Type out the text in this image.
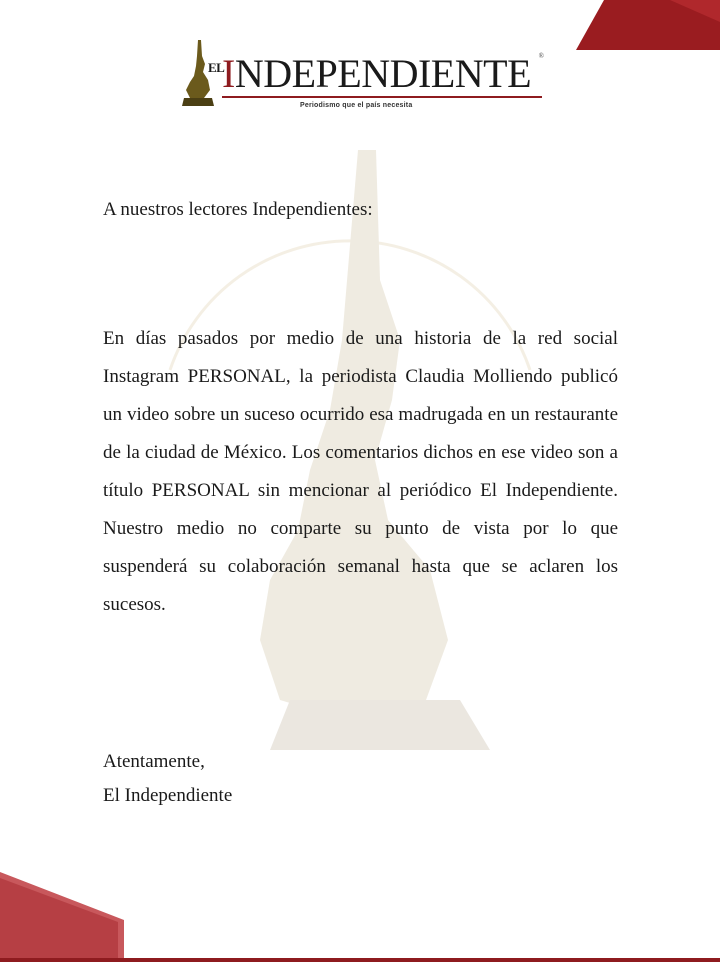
EL
INDEPENDIENTE ®
Periodismo que el país necesita
A nuestros lectores Independientes:

En días pasados por medio de una historia de la red social Instagram PERSONAL, la periodista Claudia Molliendo publicó un video sobre un suceso ocurrido esa madrugada en un restaurante de la ciudad de México. Los comentarios dichos en ese video son a título PERSONAL sin mencionar al periódico El Independiente. Nuestro medio no comparte su punto de vista por lo que suspenderá su colaboración semanal hasta que se aclaren los sucesos.

Atentamente,
El Independiente
